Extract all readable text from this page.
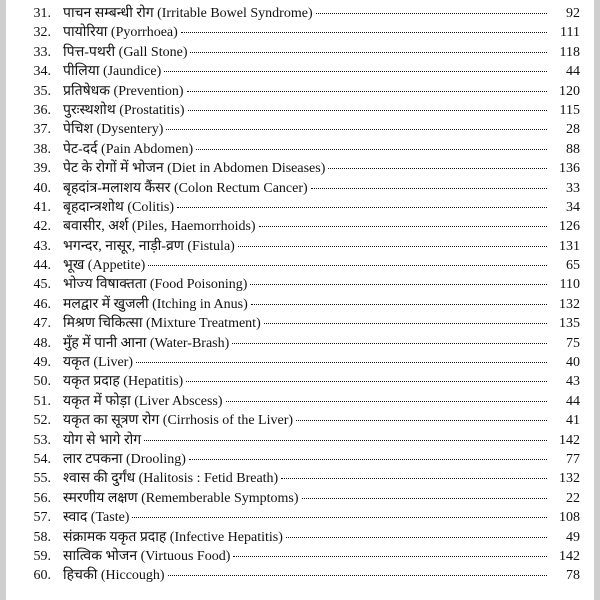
31. पाचन सम्बन्धी रोग (Irritable Bowel Syndrome)	92
32. पायोरिया (Pyorrhoea)	111
33. पित्त-पथरी (Gall Stone)	118
34. पीलिया (Jaundice)	44
35. प्रतिषेधक (Prevention)	120
36. पुरःस्थशोथ (Prostatitis)	115
37. पेचिश (Dysentery)	28
38. पेट-दर्द (Pain Abdomen)	88
39. पेट के रोगों में भोजन (Diet in Abdomen Diseases)	136
40. बृहदांत्र-मलाशय कैंसर (Colon Rectum Cancer)	33
41. बृहदान्त्रशोथ (Colitis)	34
42. बवासीर, अर्श (Piles, Haemorrhoids)	126
43. भगन्दर, नासूर, नाड़ी-व्रण (Fistula)	131
44. भूख (Appetite)	65
45. भोज्य विषाक्तता (Food Poisoning)	110
46. मलद्वार में खुजली (Itching in Anus)	132
47. मिश्रण चिकित्सा (Mixture Treatment)	135
48. मुँह में पानी आना (Water-Brash)	75
49. यकृत (Liver)	40
50. यकृत प्रदाह (Hepatitis)	43
51. यकृत में फोड़ा (Liver Abscess)	44
52. यकृत का सूत्रण रोग (Cirrhosis of the Liver)	41
53. योग से भागे रोग	142
54. लार टपकना (Drooling)	77
55. श्वास की दुर्गंध (Halitosis : Fetid Breath)	132
56. स्मरणीय लक्षण (Rememberable Symptoms)	22
57. स्वाद (Taste)	108
58. संक्रामक यकृत प्रदाह (Infective Hepatitis)	49
59. सात्विक भोजन (Virtuous Food)	142
60. हिचकी (Hiccough)	78
